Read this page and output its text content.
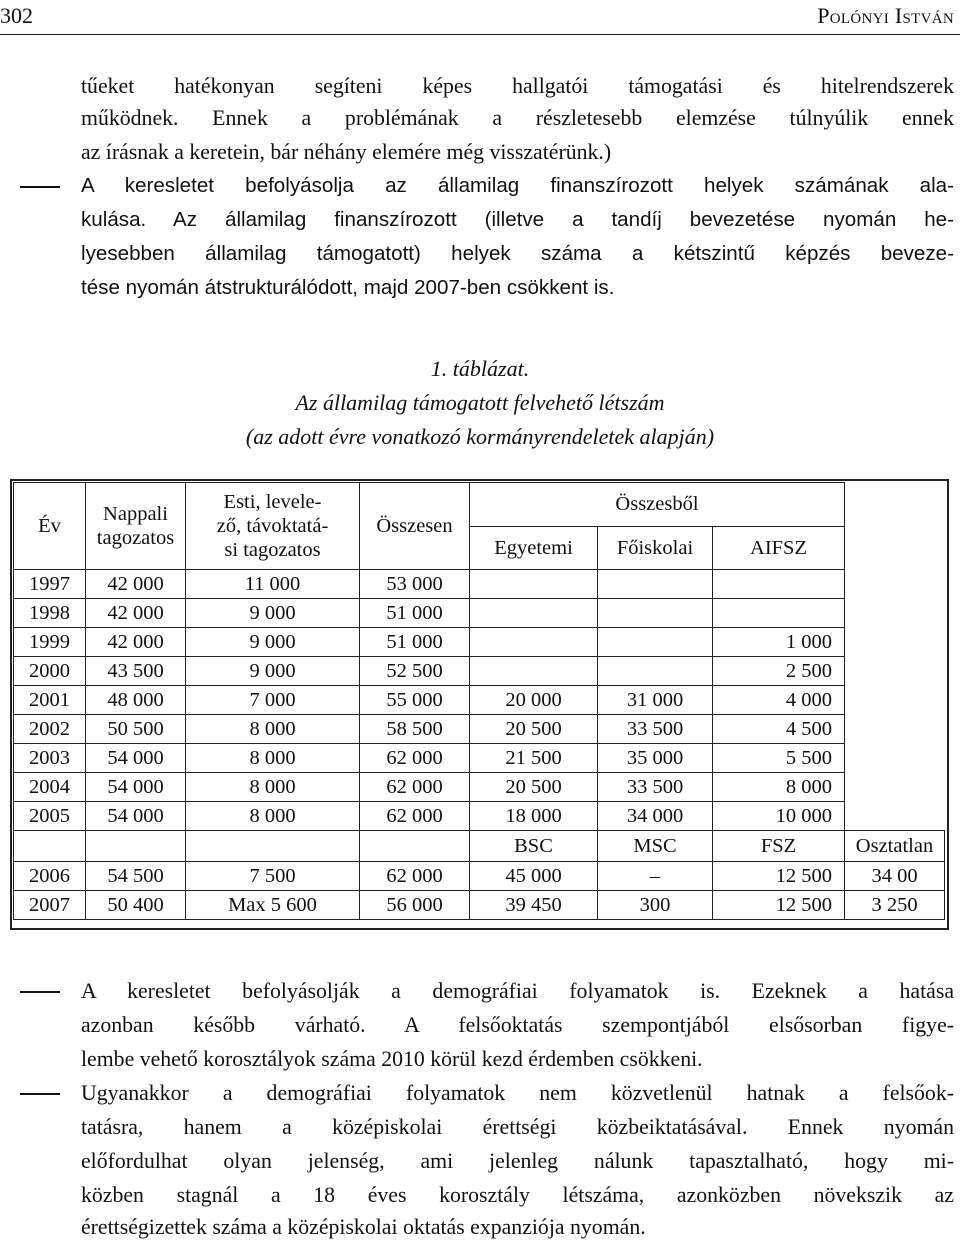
302	Polónyi István
tűeket hatékonyan segíteni képes hallgatói támogatási és hitelrendszerek
működnek. Ennek a problémának a részletesebb elemzése túlnyúlik ennek
az írásnak a keretein, bár néhány elemére még visszatérünk.)
A keresletet befolyásolja az államilag finanszírozott helyek számának ala-
kulása. Az államilag finanszírozott (illetve a tandíj bevezetése nyomán he-
lyesebben államilag támogatott) helyek száma a kétszintű képzés beveze-
tése nyomán átstrukturálódott, majd 2007-ben csökkent is.
1. táblázat.
Az államilag támogatott felvehető létszám
(az adott évre vonatkozó kormányrendeletek alapján)
Év	Nappali tagozatos	Esti, levele-ző, távoktatá-si tagozatos	Összesen	Összesből			
				Egyetemi	Főiskolai	AIFSZ	
1997	42 000	11 000	53 000				
1998	42 000	9 000	51 000				
1999	42 000	9 000	51 000			1 000	
2000	43 500	9 000	52 500			2 500	
2001	48 000	7 000	55 000	20 000	31 000	4 000	
2002	50 500	8 000	58 500	20 500	33 500	4 500	
2003	54 000	8 000	62 000	21 500	35 000	5 500	
2004	54 000	8 000	62 000	20 500	33 500	8 000	
2005	54 000	8 000	62 000	18 000	34 000	10 000	
				BSC	MSC	FSZ	Osztatlan
2006	54 500	7 500	62 000	45 000	–	12 500	34 00
2007	50 400	Max 5 600	56 000	39 450	300	12 500	3 250
A keresletet befolyásolják a demográfiai folyamatok is. Ezeknek a hatása
azonban később várható. A felsőoktatás szempontjából elsősorban figye-
lembe vehető korosztályok száma 2010 körül kezd érdemben csökkeni.
Ugyanakkor a demográfiai folyamatok nem közvetlenül hatnak a felsőok-
tatásra, hanem a középiskolai érettségi közbeiktatásával. Ennek nyomán
előfordulhat olyan jelenség, ami jelenleg nálunk tapasztalható, hogy mi-
közben stagnál a 18 éves korosztály létszáma, azonközben növekszik az
érettségizettek száma a középiskolai oktatás expanziója nyomán.
